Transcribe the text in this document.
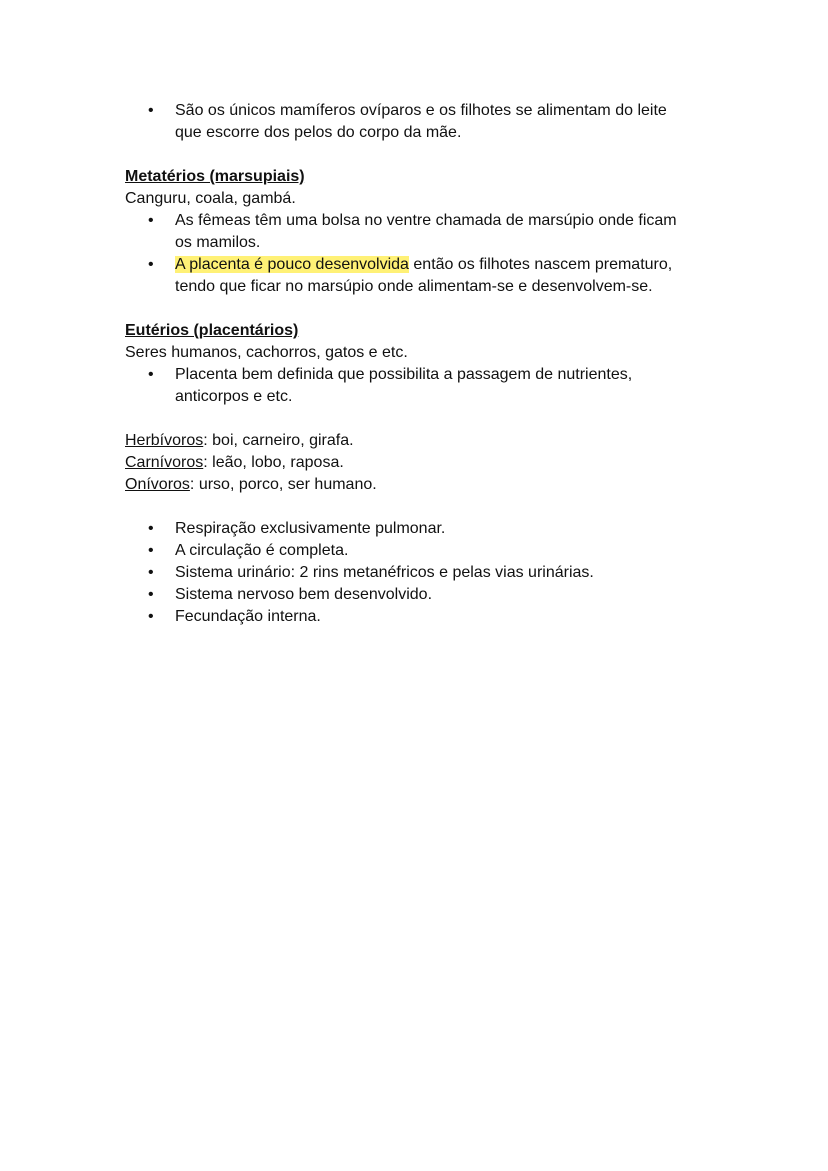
• São os únicos mamíferos ovíparos e os filhotes se alimentam do leite
que escorre dos pelos do corpo da mãe.
Metatérios (marsupiais)
Canguru, coala, gambá.
• As fêmeas têm uma bolsa no ventre chamada de marsúpio onde ficam
os mamilos.
• A placenta é pouco desenvolvida então os filhotes nascem prematuro,
tendo que ficar no marsúpio onde alimentam-se e desenvolvem-se.
Eutérios (placentários)
Seres humanos, cachorros, gatos e etc.
• Placenta bem definida que possibilita a passagem de nutrientes,
anticorpos e etc.
Herbívoros: boi, carneiro, girafa.
Carnívoros: leão, lobo, raposa.
Onívoros: urso, porco, ser humano.
• Respiração exclusivamente pulmonar.
• A circulação é completa.
• Sistema urinário: 2 rins metanéfricos e pelas vias urinárias.
• Sistema nervoso bem desenvolvido.
• Fecundação interna.
